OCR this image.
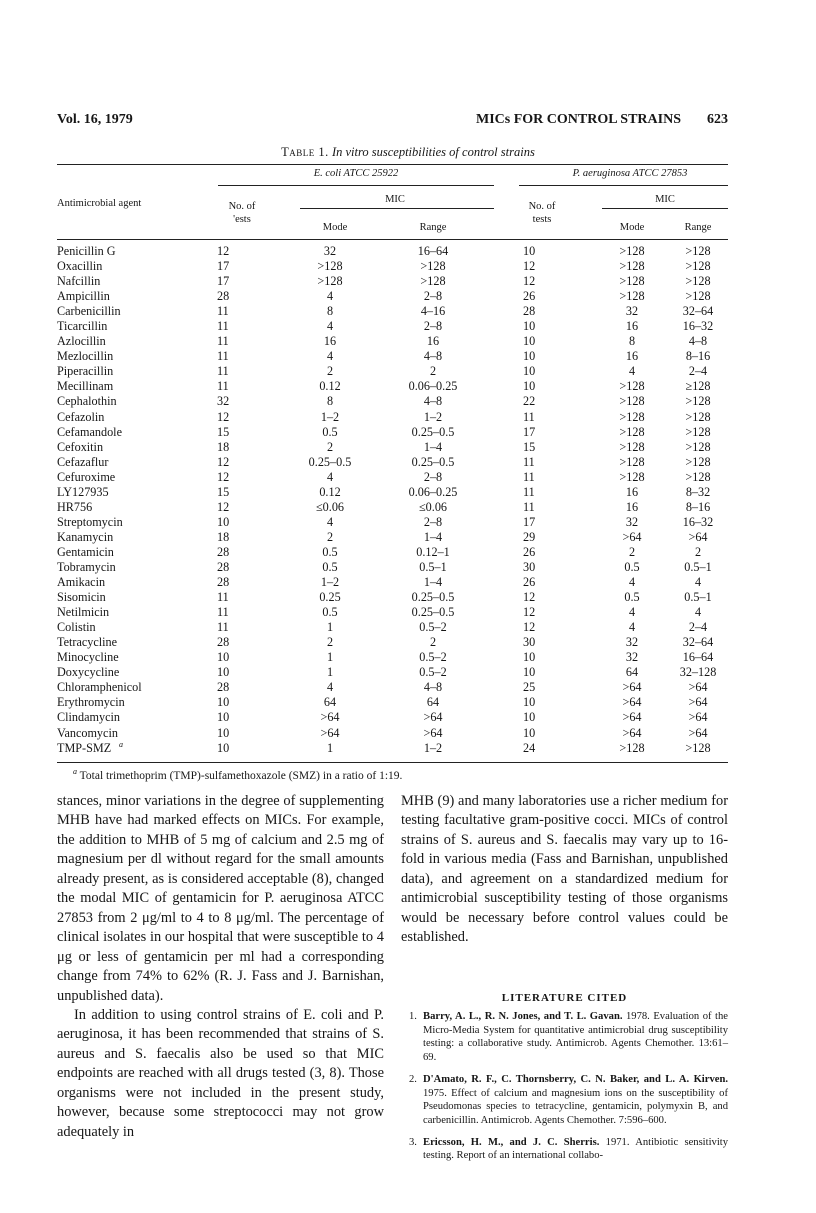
Vol. 16, 1979	MICs FOR CONTROL STRAINS 623
Table 1. In vitro susceptibilities of control strains
E. coli ATCC 25922	P. aeruginosa ATCC 27853
Antimicrobial agent	No. of
'ests
MIC
Mode	Range
No. of
tests
MIC
Mode	Range
Penicillin G	12	32	16–64	10	>128	>128
Oxacillin	17	>128	>128	12	>128	>128
Nafcillin	17	>128	>128	12	>128	>128
Ampicillin	28	4	2–8	26	>128	>128
Carbenicillin	11	8	4–16	28	32	32–64
Ticarcillin	11	4	2–8	10	16	16–32
Azlocillin	11	16	16	10	8	4–8
Mezlocillin	11	4	4–8	10	16	8–16
Piperacillin	11	2	2	10	4	2–4
Mecillinam	11	0.12	0.06–0.25	10	>128	≥128
Cephalothin	32	8	4–8	22	>128	>128
Cefazolin	12	1–2	1–2	11	>128	>128
Cefamandole	15	0.5	0.25–0.5	17	>128	>128
Cefoxitin	18	2	1–4	15	>128	>128
Cefazaflur	12	0.25–0.5	0.25–0.5	11	>128	>128
Cefuroxime	12	4	2–8	11	>128	>128
LY127935	15	0.12	0.06–0.25	11	16	8–32
HR756	12	≤0.06	≤0.06	11	16	8–16
Streptomycin	10	4	2–8	17	32	16–32
Kanamycin	18	2	1–4	29	>64	>64
Gentamicin	28	0.5	0.12–1	26	2	2
Tobramycin	28	0.5	0.5–1	30	0.5	0.5–1
Amikacin	28	1–2	1–4	26	4	4
Sisomicin	11	0.25	0.25–0.5	12	0.5	0.5–1
Netilmicin	11	0.5	0.25–0.5	12	4	4
Colistin	11	1	0.5–2	12	4	2–4
Tetracycline	28	2	2	30	32	32–64
Minocycline	10	1	0.5–2	10	32	16–64
Doxycycline	10	1	0.5–2	10	64	32–128
Chloramphenicol	28	4	4–8	25	>64	>64
Erythromycin	10	64	64	10	>64	>64
Clindamycin	10	>64	>64	10	>64	>64
Vancomycin	10	>64	>64	10	>64	>64
TMP-SMZ a	10	1	1–2	24	>128	>128
$^a$ Total trimethoprim (TMP)-sulfamethoxazole (SMZ) in a ratio of 1:19.

stances, minor variations in the degree of supplementing MHB have had marked effects on MICs. For example, the addition to MHB of 5 mg of calcium and 2.5 mg of magnesium per dl without regard for the small amounts already present, as is considered acceptable (8), changed the modal MIC of gentamicin for P. aeruginosa ATCC 27853 from 2 μg/ml to 4 to 8 μg/ml. The percentage of clinical isolates in our hospital that were susceptible to 4 μg or less of gentamicin per ml had a corresponding change from 74% to 62% (R. J. Fass and J. Barnishan, unpublished data).

In addition to using control strains of E. coli and P. aeruginosa, it has been recommended that strains of S. aureus and S. faecalis also be used so that MIC endpoints are reached with all drugs tested (3, 8). Those organisms were not included in the present study, however, because some streptococci may not grow adequately in

MHB (9) and many laboratories use a richer medium for testing facultative gram-positive cocci. MICs of control strains of S. aureus and S. faecalis may vary up to 16-fold in various media (Fass and Barnishan, unpublished data), and agreement on a standardized medium for antimicrobial susceptibility testing of those organisms would be necessary before control values could be established.

LITERATURE CITED
1. Barry, A. L., R. N. Jones, and T. L. Gavan. 1978. Evaluation of the Micro-Media System for quantitative antimicrobial drug susceptibility testing: a collaborative study. Antimicrob. Agents Chemother. 13:61–69.
2. D'Amato, R. F., C. Thornsberry, C. N. Baker, and L. A. Kirven. 1975. Effect of calcium and magnesium ions on the susceptibility of Pseudomonas species to tetracycline, gentamicin, polymyxin B, and carbenicillin. Antimicrob. Agents Chemother. 7:596–600.
3. Ericsson, H. M., and J. C. Sherris. 1971. Antibiotic sensitivity testing. Report of an international collabo-
